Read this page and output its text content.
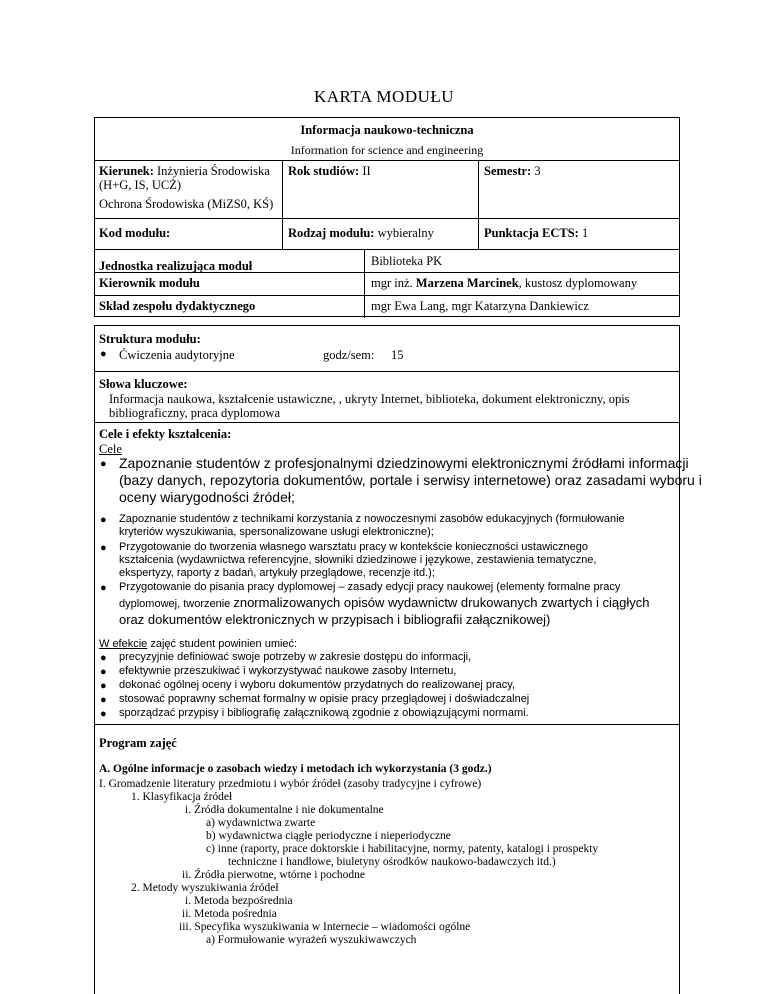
KARTA MODUŁU
Informacja naukowo-techniczna
Information for science and engineering
Kierunek: Inżynieria Środowiska
(H+G, IS, UCŻ)
Ochrona Środowiska (MiZS0, KŚ)
Rok studiów: II	Semestr: 3
Kod modułu:	Rodzaj modułu: wybieralny	Punktacja ECTS: 1
Jednostka realizująca moduł	Biblioteka PK
Kierownik modułu	mgr inż. Marzena Marcinek, kustosz dyplomowany
Skład zespołu dydaktycznego	mgr Ewa Lang, mgr Katarzyna Dankiewicz
Struktura modułu:
● Ćwiczenia audytoryjne	godz/sem: 15
Słowa kluczowe:
Informacja naukowa, kształcenie ustawiczne, , ukryty Internet, biblioteka, dokument elektroniczny, opis
bibliograficzny, praca dyplomowa
Cele i efekty kształcenia:
Cele
● Zapoznanie studentów z profesjonalnymi dziedzinowymi elektronicznymi źródłami informacji
(bazy danych, repozytoria dokumentów, portale i serwisy internetowe) oraz zasadami wyboru i
oceny wiarygodności źródeł;
● Zapoznanie studentów z technikami korzystania z nowoczesnymi zasobów edukacyjnych (formułowanie
kryteriów wyszukiwania, spersonalizowane usługi elektroniczne);
● Przygotowanie do tworzenia własnego warsztatu pracy w kontekście konieczności ustawicznego
kształcenia (wydawnictwa referencyjne, słowniki dziedzinowe i językowe, zestawienia tematyczne,
ekspertyzy, raporty z badań, artykuły przeglądowe, recenzje itd.);
● Przygotowanie do pisania pracy dyplomowej – zasady edycji pracy naukowej (elementy formalne pracy
dyplomowej, tworzenie znormalizowanych opisów wydawnictw drukowanych zwartych i ciągłych
oraz dokumentów elektronicznych w przypisach i bibliografii załącznikowej)
W efekcie zajęć student powinien umieć:
● precyzyjnie definiować swoje potrzeby w zakresie dostępu do informacji,
● efektywnie przeszukiwać i wykorzystywać naukowe zasoby Internetu,
● dokonać ogólnej oceny i wyboru dokumentów przydatnych do realizowanej pracy,
● stosować poprawny schemat formalny w opisie pracy przeglądowej i doświadczalnej
● sporządzać przypisy i bibliografię załącznikową zgodnie z obowiązującymi normami.
Program zajęć
A. Ogólne informacje o zasobach wiedzy i metodach ich wykorzystania (3 godz.)
I. Gromadzenie literatury przedmiotu i wybór źródeł (zasoby tradycyjne i cyfrowe)
1. Klasyfikacja źródeł
i. Źródła dokumentalne i nie dokumentalne
a) wydawnictwa zwarte
b) wydawnictwa ciągłe periodyczne i nieperiodyczne
c) inne (raporty, prace doktorskie i habilitacyjne, normy, patenty, katalogi i prospekty
techniczne i handlowe, biuletyny ośrodków naukowo-badawczych itd.)
ii. Źródła pierwotne, wtórne i pochodne
2. Metody wyszukiwania źródeł
i. Metoda bezpośrednia
ii. Metoda pośrednia
iii. Specyfika wyszukiwania w Internecie – wiadomości ogólne
a) Formułowanie wyrażeń wyszukiwawczych
